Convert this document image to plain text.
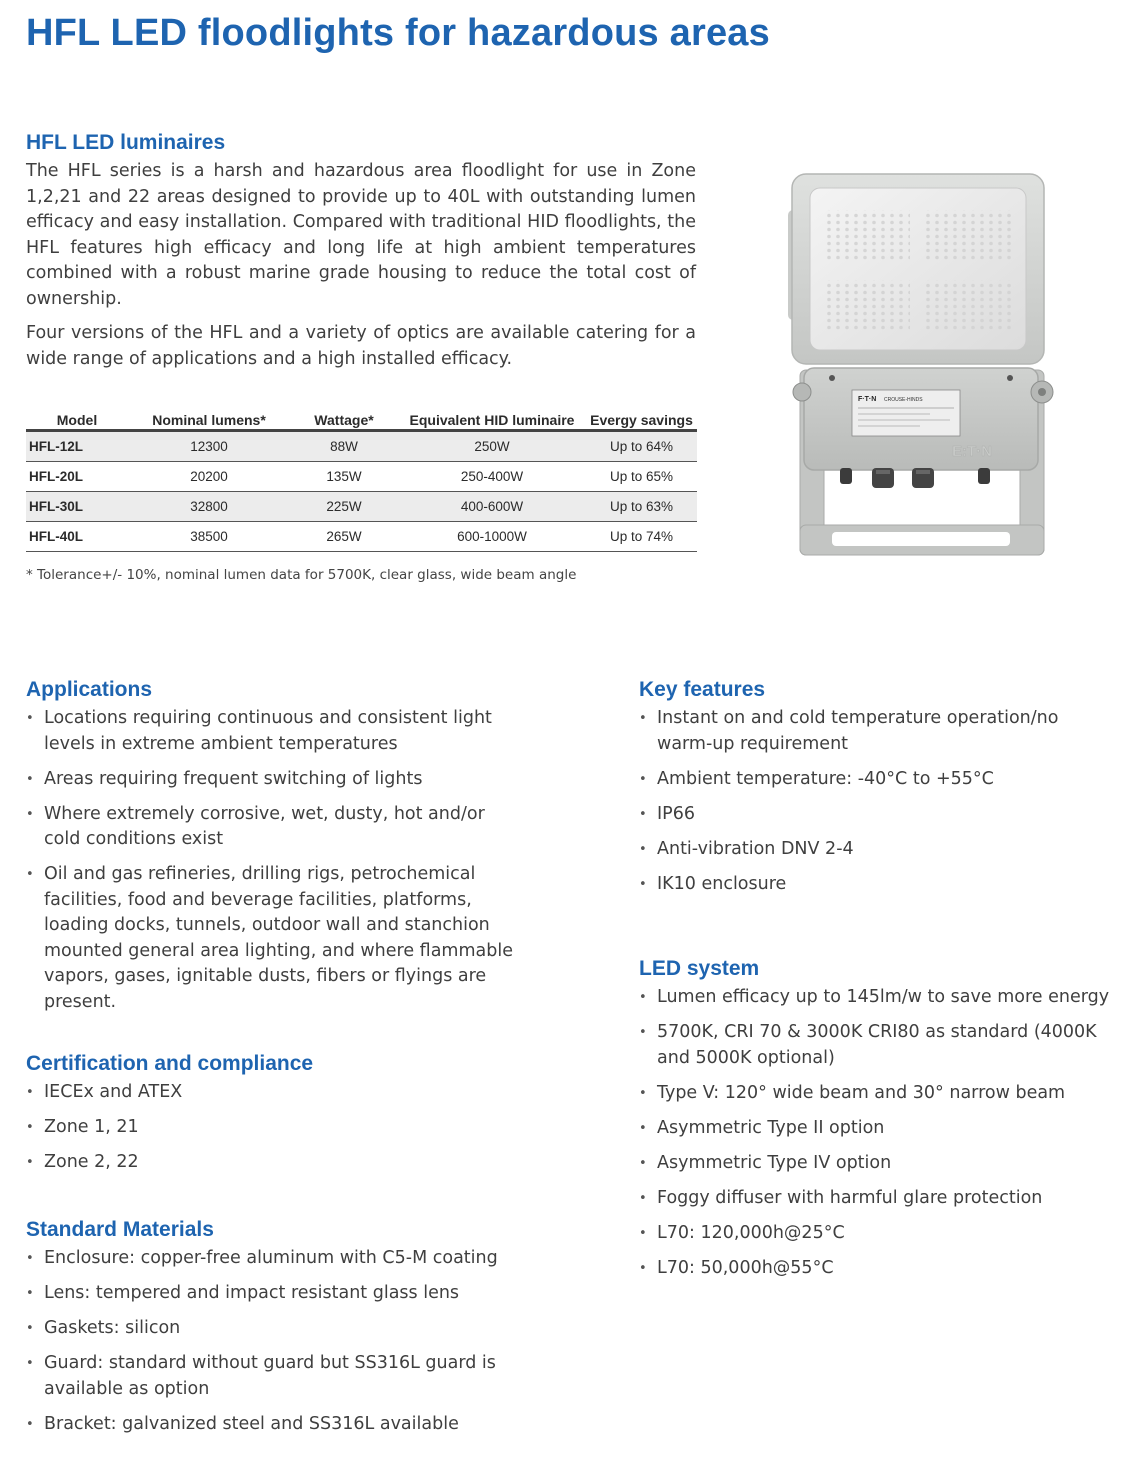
HFL LED floodlights for hazardous areas
HFL LED luminaires

The HFL series is a harsh and hazardous area floodlight for use in Zone 1,2,21 and 22 areas designed to provide up to 40L with outstanding lumen efficacy and easy installation. Compared with traditional HID floodlights, the HFL features high efficacy and long life at high ambient temperatures combined with a robust marine grade housing to reduce the total cost of ownership.

Four versions of the HFL and a variety of optics are available catering for a wide range of applications and a high installed efficacy.

F·T·N CROUSE-HINDS
E:T·N
Model	Nominal lumens*	Wattage*	Equivalent HID luminaire	Evergy savings
HFL-12L	12300	88W	250W	Up to 64%
HFL-20L	20200	135W	250-400W	Up to 65%
HFL-30L	32800	225W	400-600W	Up to 63%
HFL-40L	38500	265W	600-1000W	Up to 74%
* Tolerance+/- 10%, nominal lumen data for 5700K, clear glass, wide beam angle
Applications
• Locations requiring continuous and consistent light levels in extreme ambient temperatures
• Areas requiring frequent switching of lights
• Where extremely corrosive, wet, dusty, hot and/or cold conditions exist
• Oil and gas refineries, drilling rigs, petrochemical facilities, food and beverage facilities, platforms, loading docks, tunnels, outdoor wall and stanchion mounted general area lighting, and where flammable vapors, gases, ignitable dusts, fibers or flyings are present.
Certification and compliance
• IECEx and ATEX
• Zone 1, 21
• Zone 2, 22
Standard Materials
• Enclosure: copper-free aluminum with C5-M coating
• Lens: tempered and impact resistant glass lens
• Gaskets: silicon
• Guard: standard without guard but SS316L guard is available as option
• Bracket: galvanized steel and SS316L available
Key features
• Instant on and cold temperature operation/no warm-up requirement
• Ambient temperature: -40°C to +55°C
• IP66
• Anti-vibration DNV 2-4
• IK10 enclosure
LED system
• Lumen efficacy up to 145lm/w to save more energy
• 5700K, CRI 70 & 3000K CRI80 as standard (4000K and 5000K optional)
• Type V: 120° wide beam and 30° narrow beam
• Asymmetric Type II option
• Asymmetric Type IV option
• Foggy diffuser with harmful glare protection
• L70: 120,000h@25°C
• L70: 50,000h@55°C
